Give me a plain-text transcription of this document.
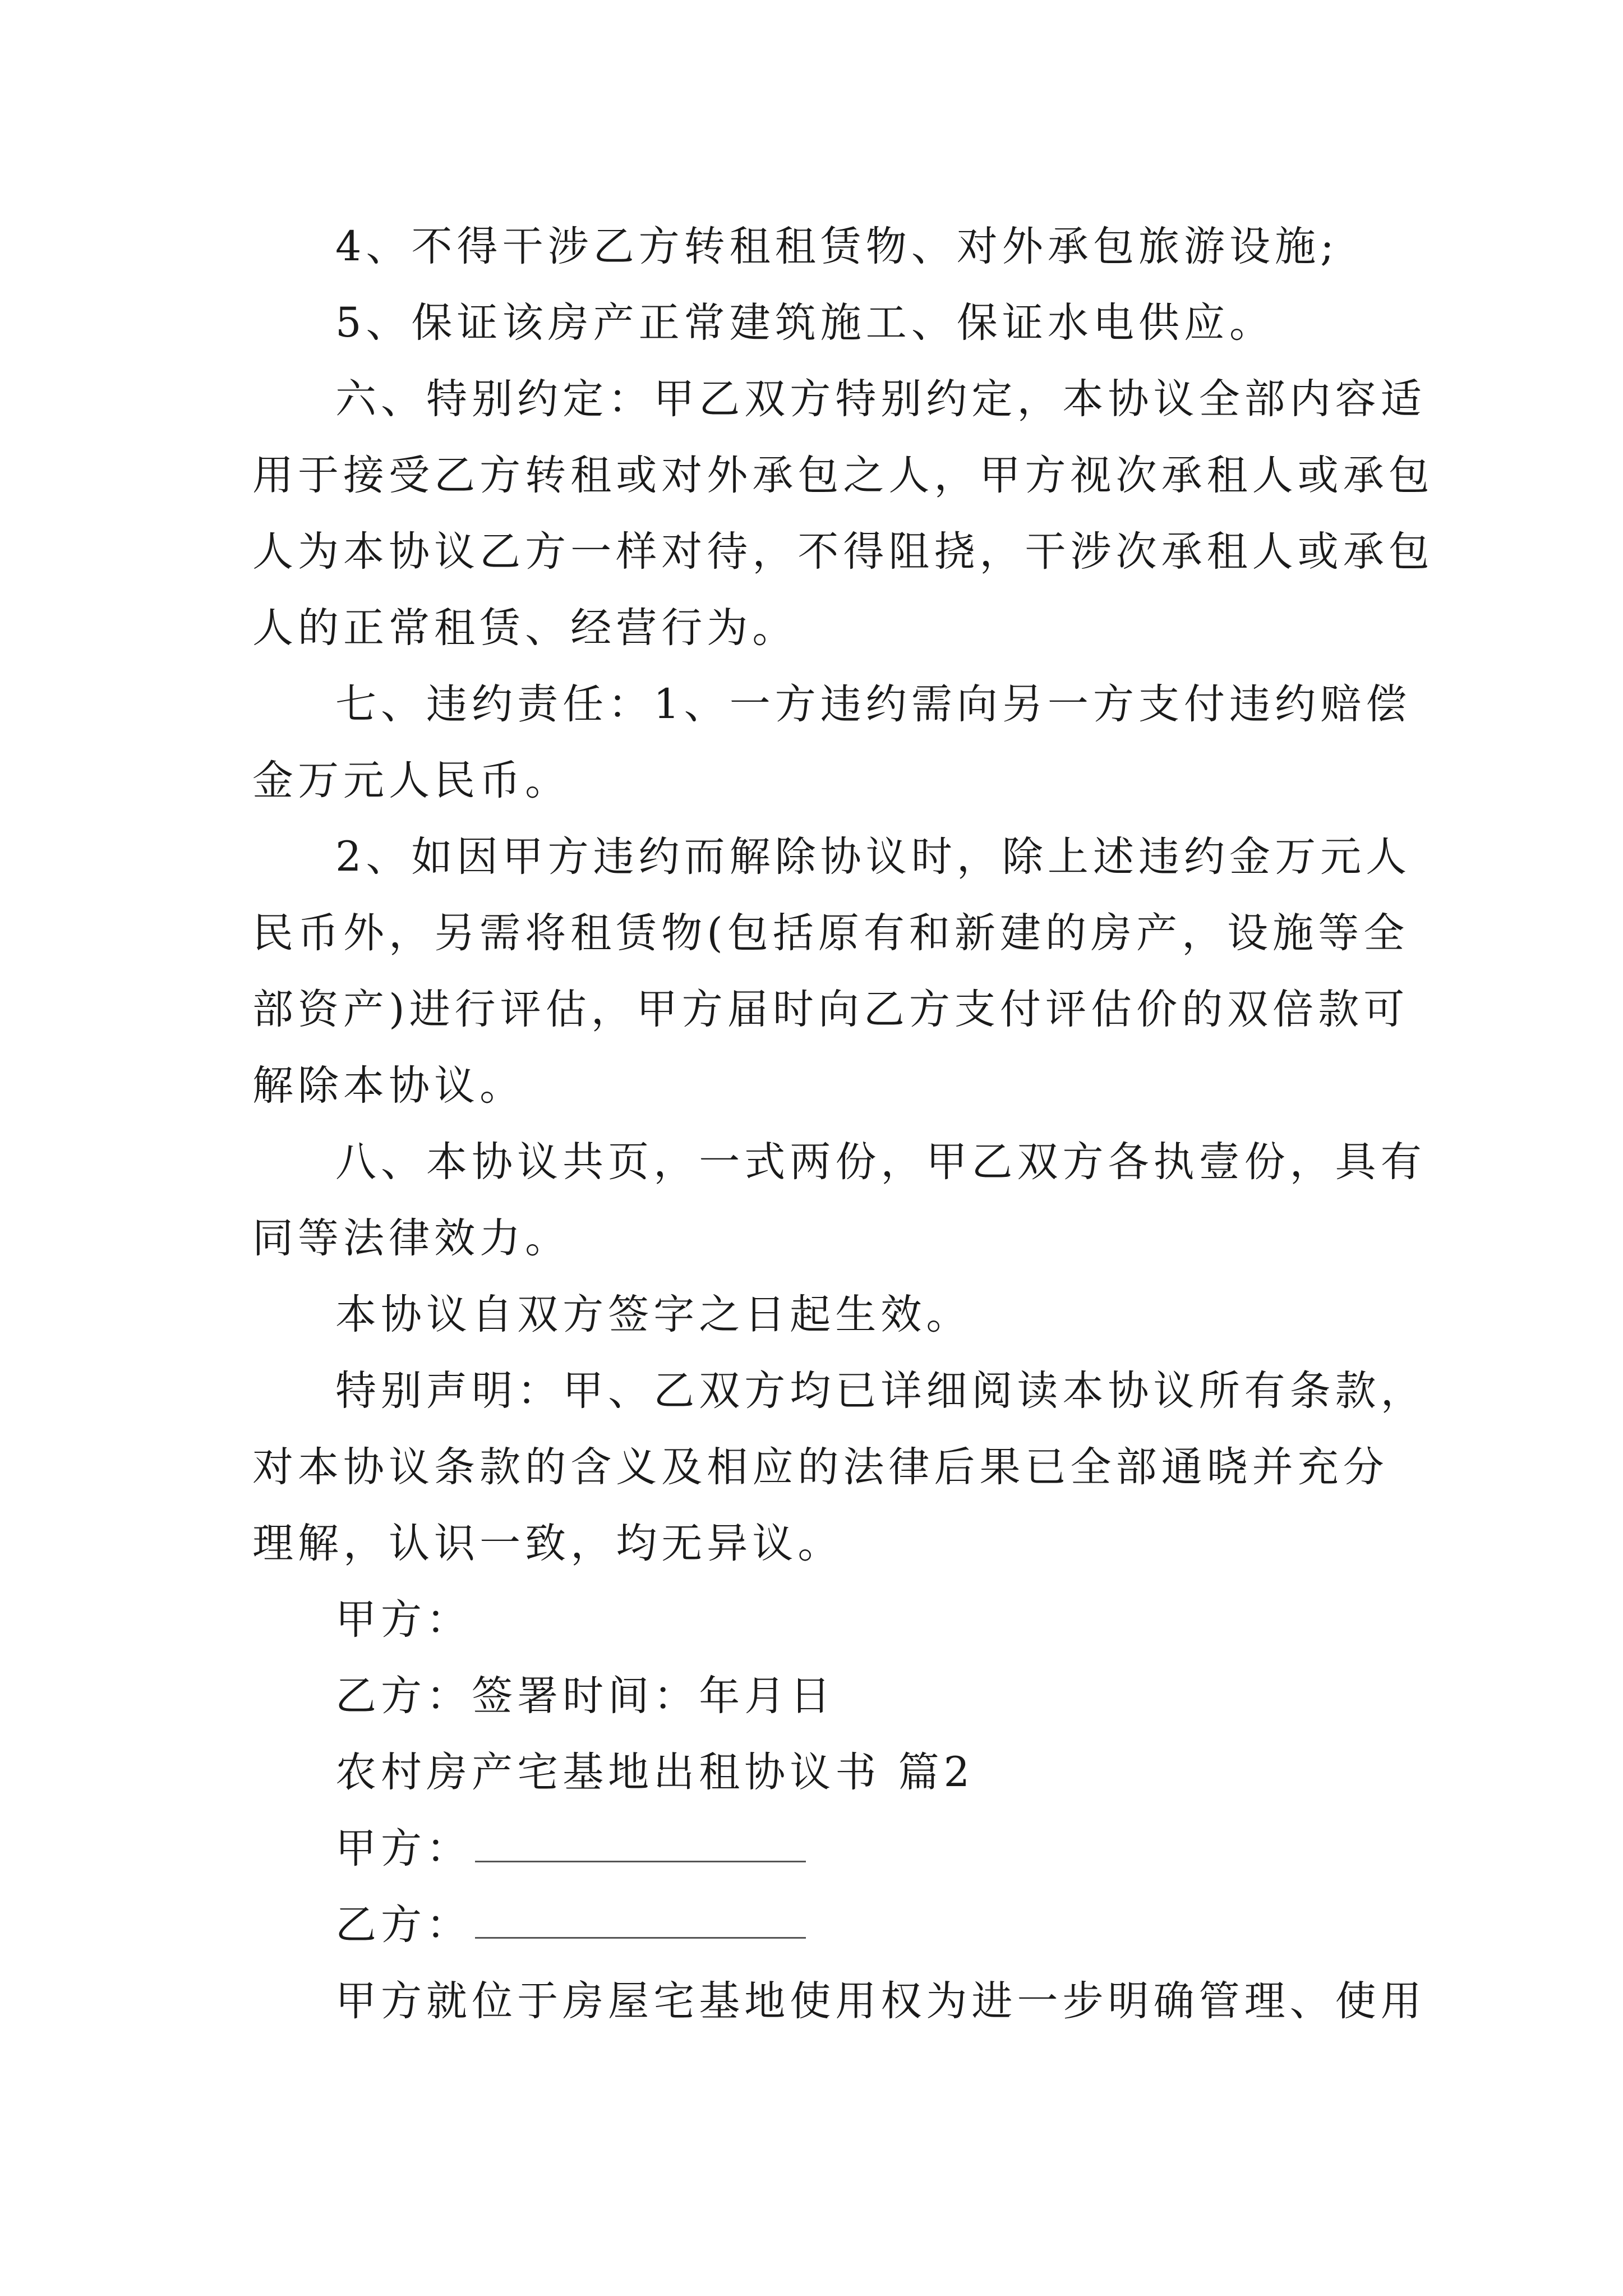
4、不得干涉乙方转租租赁物、对外承包旅游设施;
5、保证该房产正常建筑施工、保证水电供应。
六、特别约定：甲乙双方特别约定，本协议全部内容适
用于接受乙方转租或对外承包之人，甲方视次承租人或承包
人为本协议乙方一样对待，不得阻挠，干涉次承租人或承包
人的正常租赁、经营行为。
七、违约责任：1、一方违约需向另一方支付违约赔偿
金万元人民币。
2、如因甲方违约而解除协议时，除上述违约金万元人
民币外，另需将租赁物(包括原有和新建的房产，设施等全
部资产)进行评估，甲方届时向乙方支付评估价的双倍款可
解除本协议。
八、本协议共页，一式两份，甲乙双方各执壹份，具有
同等法律效力。
本协议自双方签字之日起生效。
特别声明：甲、乙双方均已详细阅读本协议所有条款，
对本协议条款的含义及相应的法律后果已全部通晓并充分
理解，认识一致，均无异议。
甲方：
乙方：签署时间：年月日
农村房产宅基地出租协议书 篇2
甲方：
乙方：
甲方就位于房屋宅基地使用权为进一步明确管理、使用
